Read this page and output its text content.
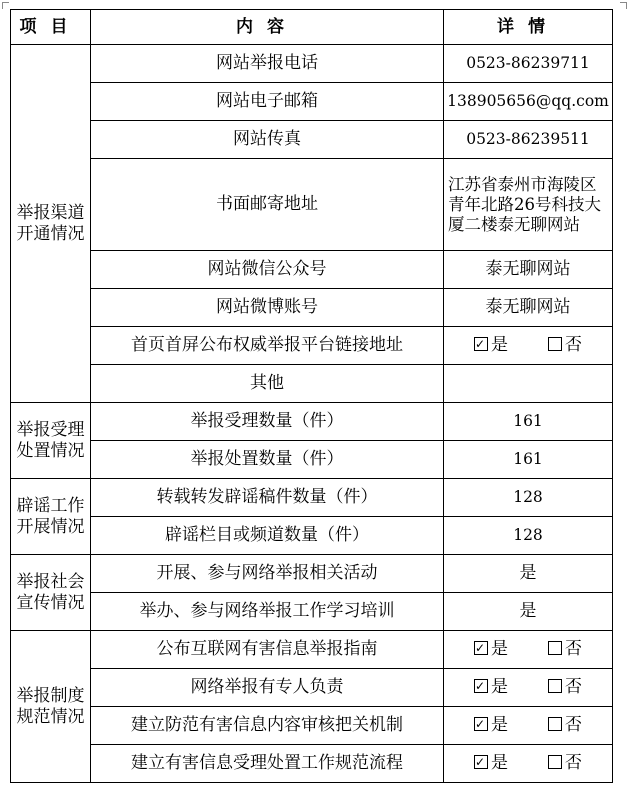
项目	内容	详情
举报渠道开通情况	网站举报电话	0523-86239711
	网站电子邮箱	138905656@qq.com
	网站传真	0523-86239511
	书面邮寄地址	江苏省泰州市海陵区青年北路26号科技大厦二楼泰无聊网站
	网站微信公众号	泰无聊网站
	网站微博账号	泰无聊网站
	首页首屏公布权威举报平台链接地址	✓是 否
	其他	
举报受理处置情况	举报受理数量（件）	161
	举报处置数量（件）	161
辟谣工作开展情况	转载转发辟谣稿件数量（件）	128
	辟谣栏目或频道数量（件）	128
举报社会宣传情况	开展、参与网络举报相关活动	是
	举办、参与网络举报工作学习培训	是
举报制度规范情况	公布互联网有害信息举报指南	✓是 否
	网络举报有专人负责	✓是 否
	建立防范有害信息内容审核把关机制	✓是 否
	建立有害信息受理处置工作规范流程	✓是 否
